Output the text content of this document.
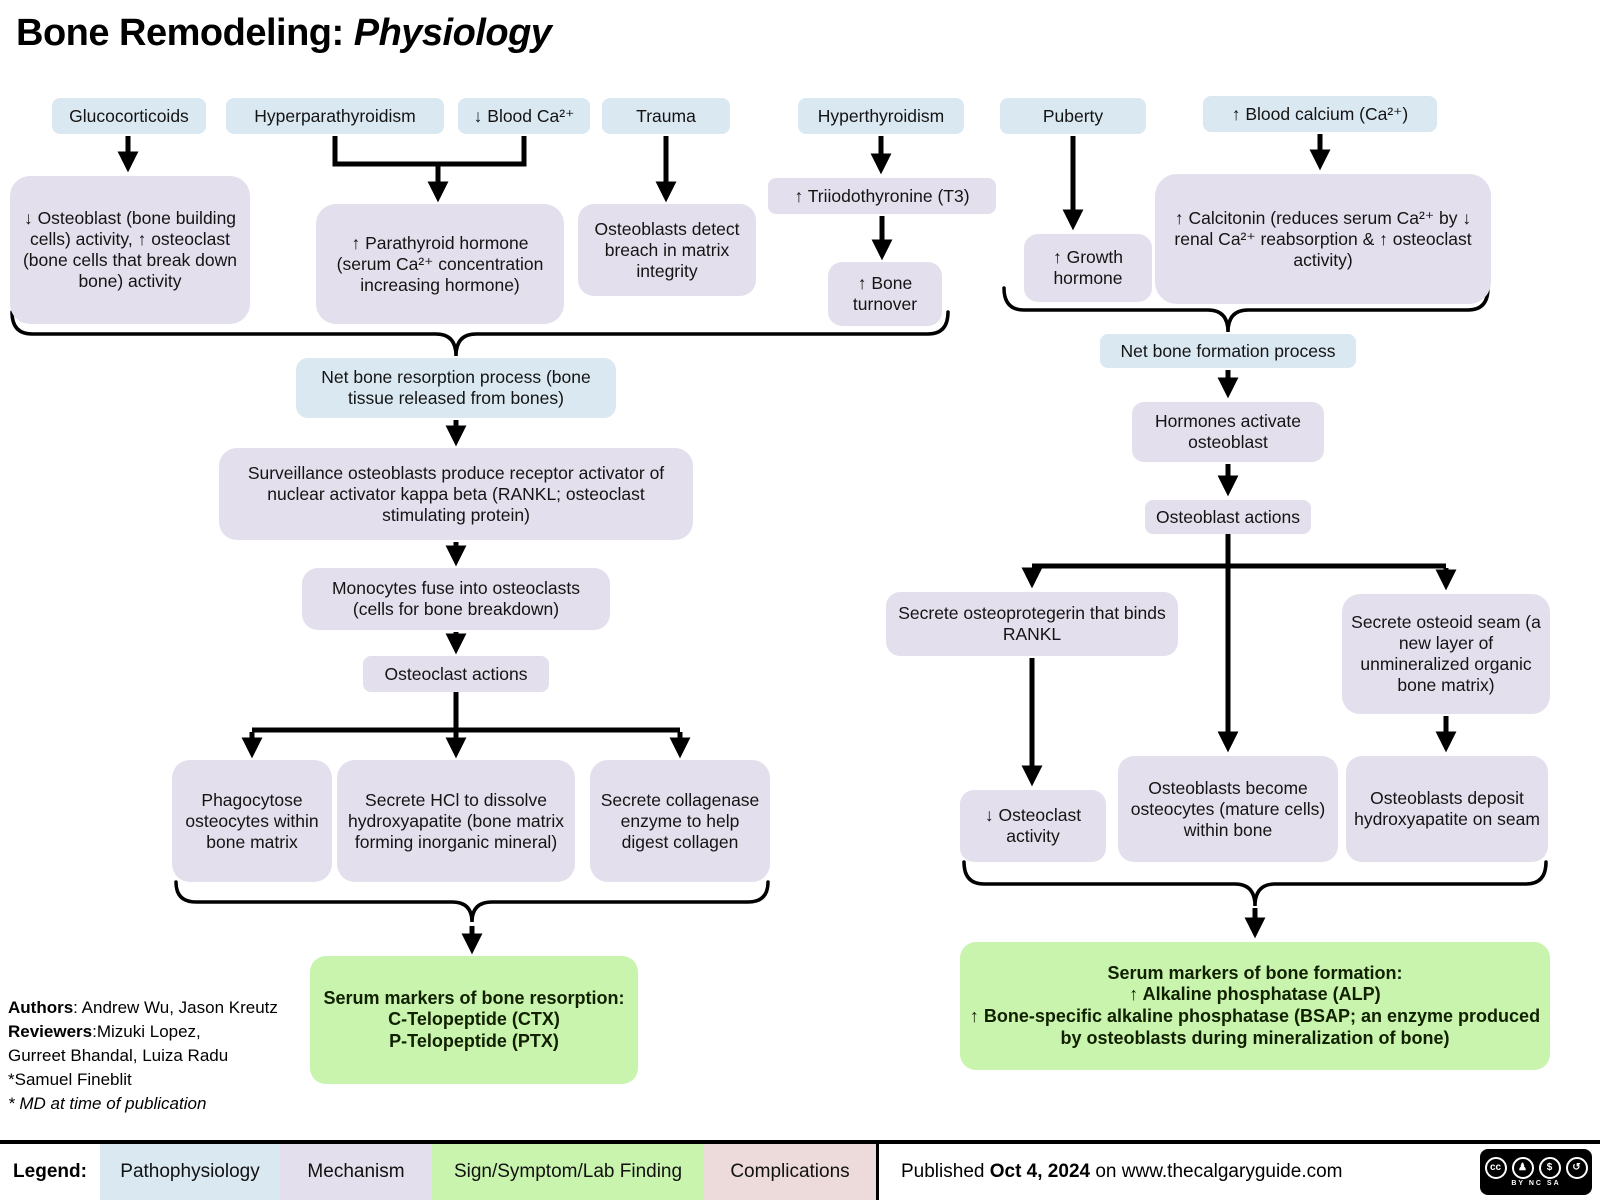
Bone Remodeling: Physiology
Glucocorticoids	Hyperparathyroidism	↓ Blood Ca²⁺	Trauma	Hyperthyroidism	Puberty	↑ Blood calcium (Ca²⁺)
↓ Osteoblast (bone building cells) activity, ↑ osteoclast (bone cells that break down bone) activity
↑ Parathyroid hormone (serum Ca²⁺ concentration increasing hormone)
Osteoblasts detect breach in matrix integrity
↑ Triiodothyronine (T3)
↑ Bone turnover
↑ Growth hormone
↑ Calcitonin (reduces serum Ca²⁺ by ↓ renal Ca²⁺ reabsorption & ↑ osteoclast activity)
Net bone resorption process (bone tissue released from bones)
Net bone formation process
Surveillance osteoblasts produce receptor activator of nuclear activator kappa beta (RANKL; osteoclast stimulating protein)
Monocytes fuse into osteoclasts (cells for bone breakdown)
Osteoclast actions
Phagocytose osteocytes within bone matrix
Secrete HCl to dissolve hydroxyapatite (bone matrix forming inorganic mineral)
Secrete collagenase enzyme to help digest collagen
Serum markers of bone resorption:
C-Telopeptide (CTX)
P-Telopeptide (PTX)
Hormones activate osteoblast
Osteoblast actions
Secrete osteoprotegerin that binds RANKL
Secrete osteoid seam (a new layer of unmineralized organic bone matrix)
↓ Osteoclast activity
Osteoblasts become osteocytes (mature cells) within bone
Osteoblasts deposit hydroxyapatite on seam
Serum markers of bone formation:
↑ Alkaline phosphatase (ALP)
↑ Bone-specific alkaline phosphatase (BSAP; an enzyme produced by osteoblasts during mineralization of bone)
Authors: Andrew Wu, Jason Kreutz
Reviewers:Mizuki Lopez,
Gurreet Bhandal, Luiza Radu
*Samuel Fineblit
* MD at time of publication
Legend:	Pathophysiology	Mechanism	Sign/Symptom/Lab Finding	Complications	Published Oct 4, 2024 on www.thecalgaryguide.com	cc	♟	$	↺
BY NC SA
